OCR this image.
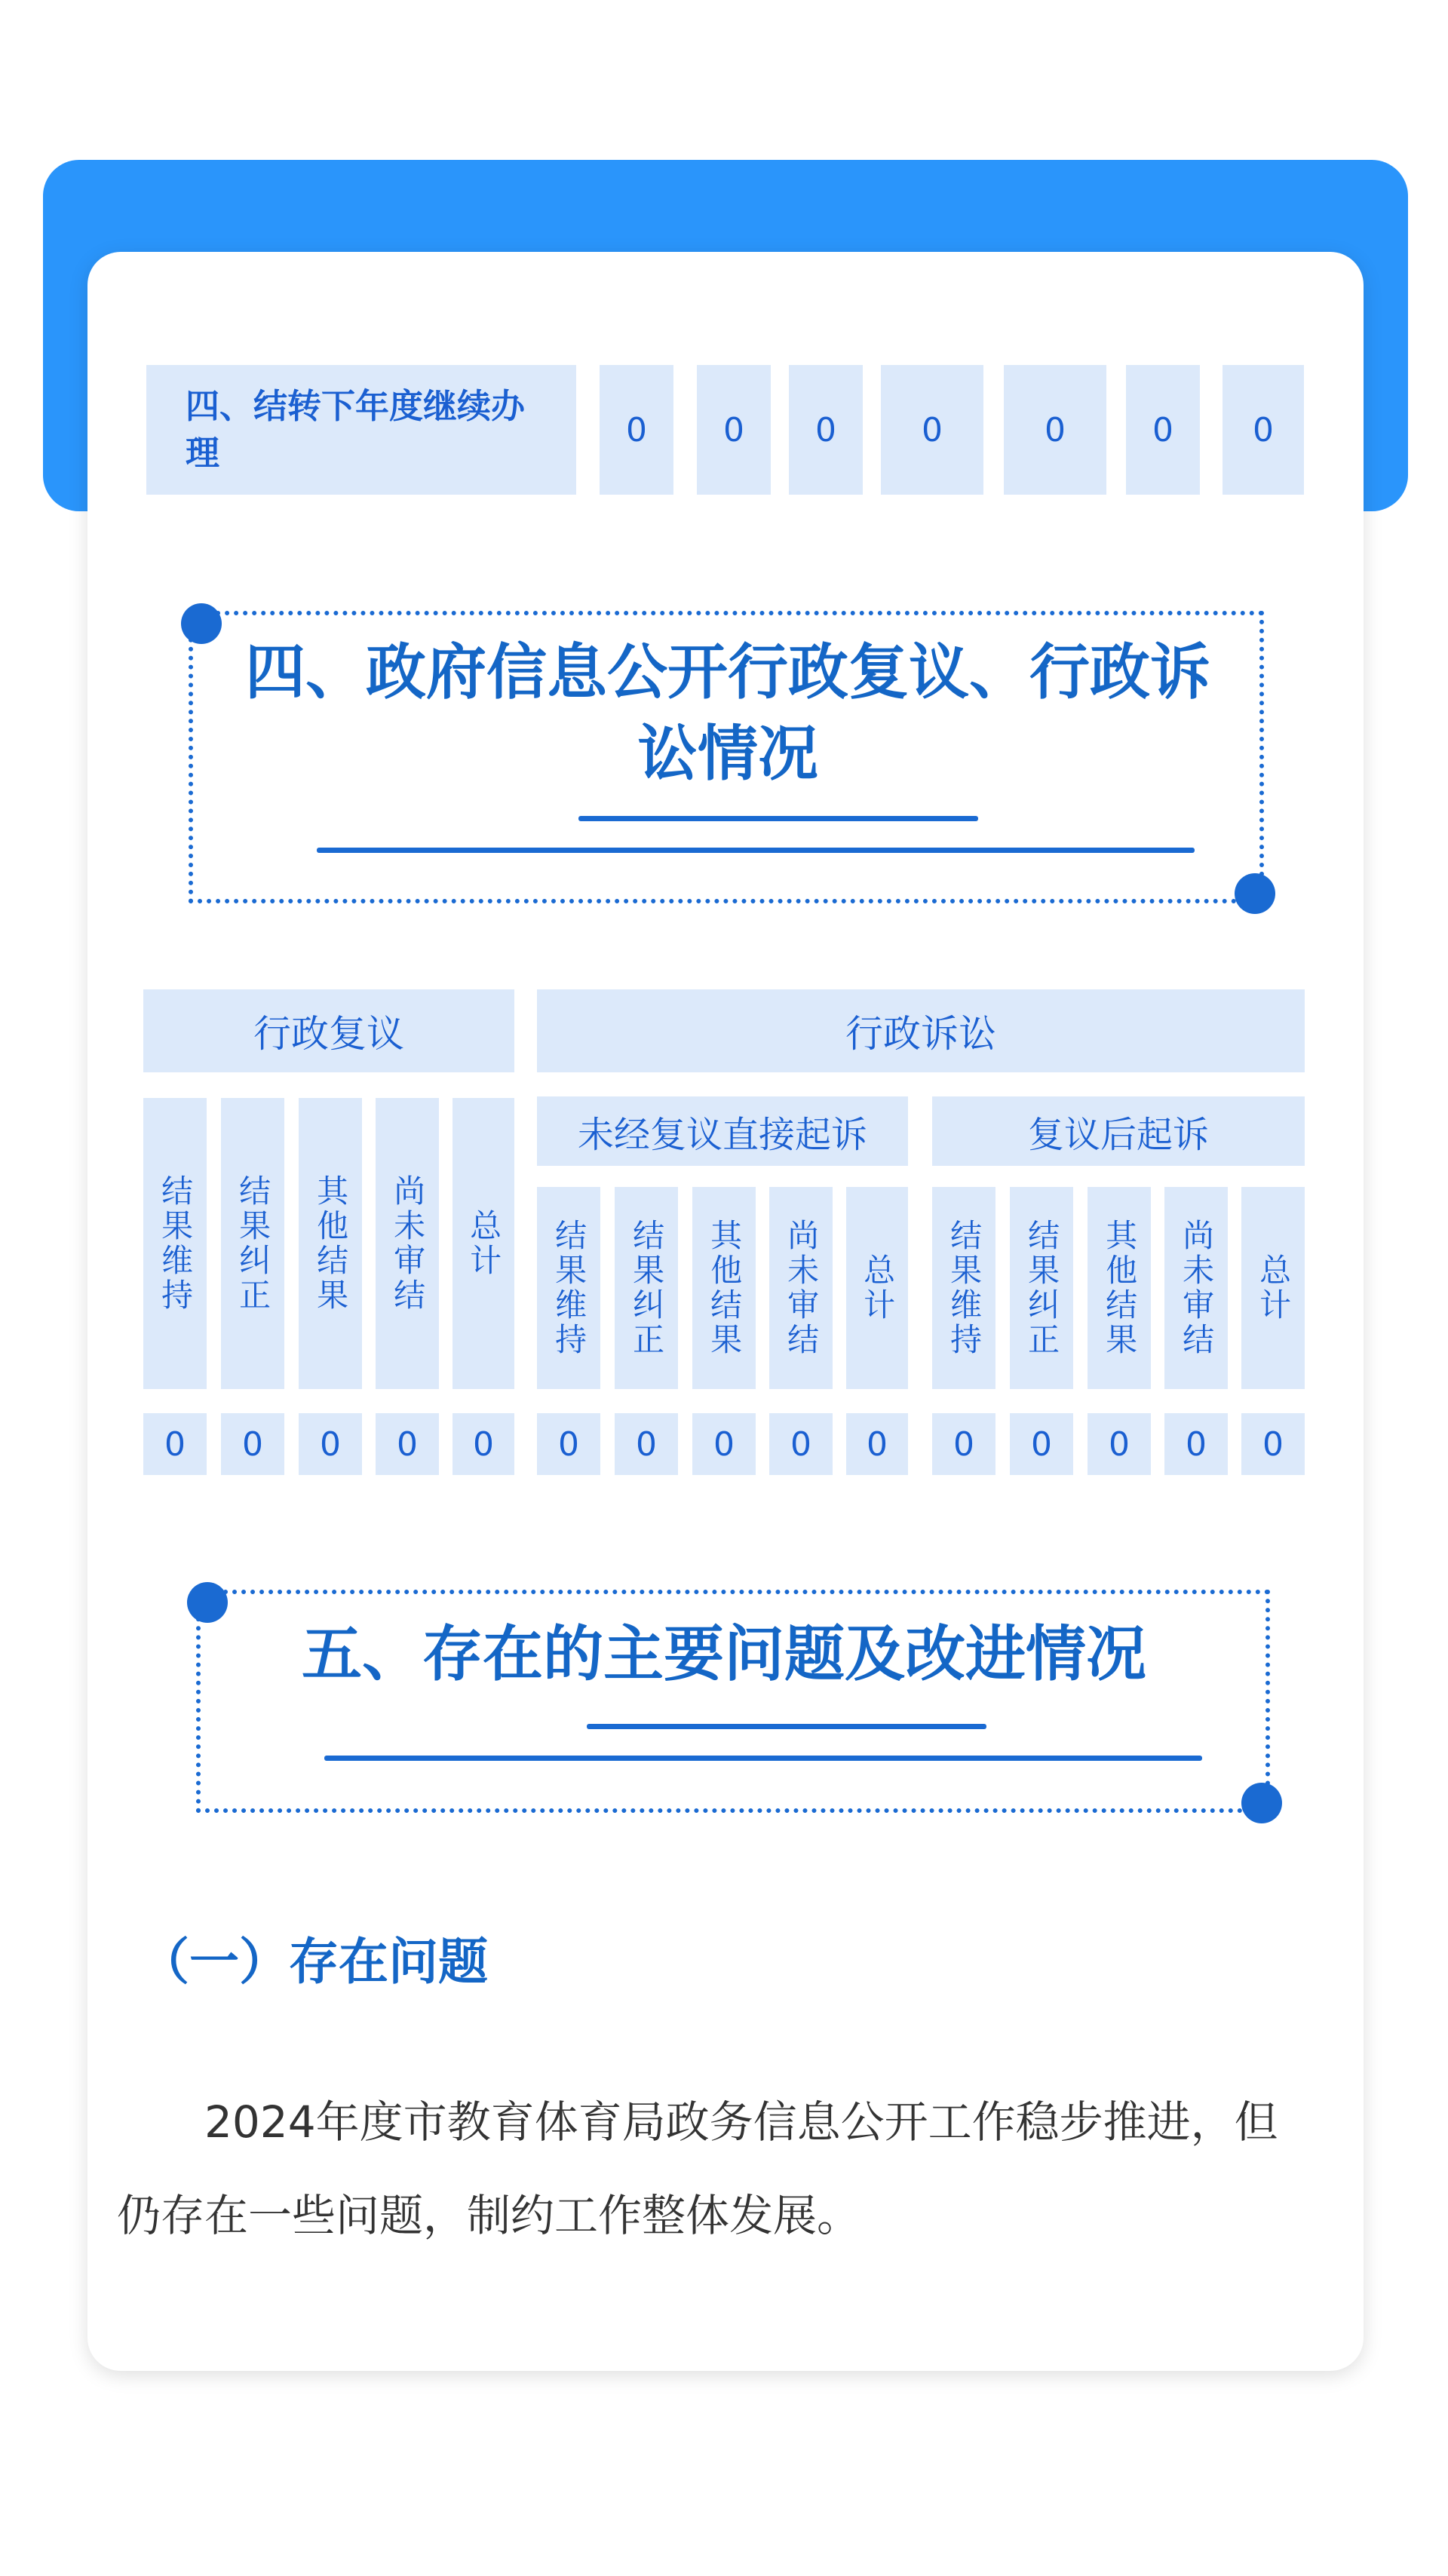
四、结转下年度继续办理
0	0	0	0	0	0	0
四、政府信息公开行政复议、行政诉讼情况
行政复议	行政诉讼
未经复议直接起诉	复议后起诉
结果维持	结果纠正	其他结果	尚未审结	总计	结果维持	结果纠正	其他结果	尚未审结	总计	结果维持	结果纠正	其他结果	尚未审结	总计
0	0	0	0	0	0	0	0	0	0	0	0	0	0	0
五、存在的主要问题及改进情况
（一）存在问题
2024年度市教育体育局政务信息公开工作稳步推进，但仍存在一些问题，制约工作整体发展。
